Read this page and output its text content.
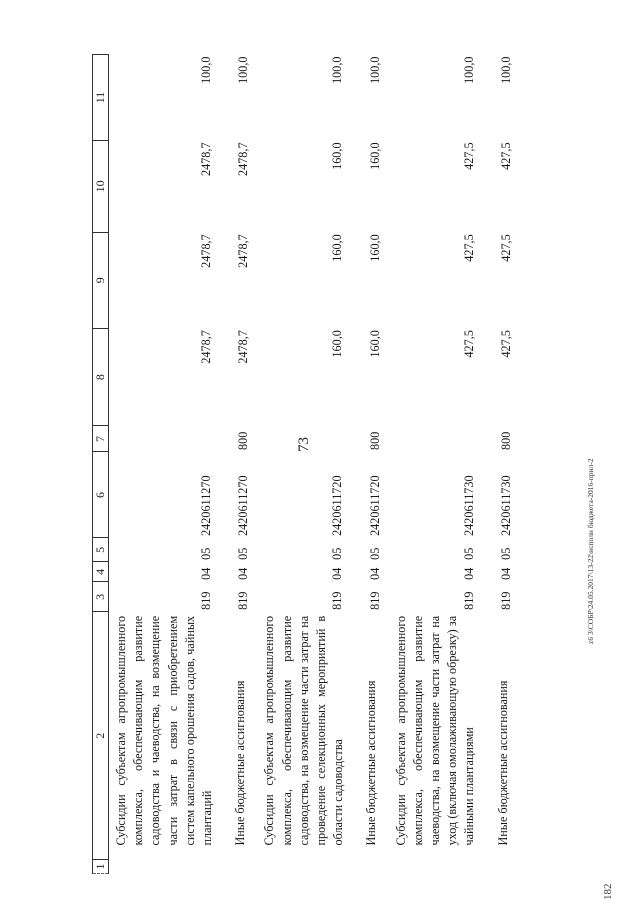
73
1	2	3	4	5	6	7	8	9	10	11
	Субсидии субъектам агропромышленного комплекса, обеспечивающим развитие садоводства и чаеводства, на возмещение части затрат в связи с приобретением систем капельного орошения садов, чайных плантаций	819	04	05	2420611270		2478,7	2478,7	2478,7	100,0
	Иные бюджетные ассигнования	819	04	05	2420611270	800	2478,7	2478,7	2478,7	100,0
	Субсидии субъектам агропромышленного комплекса, обеспечивающим развитие садоводства, на возмещение части затрат на проведение селекционных мероприятий в области садоводства	819	04	05	2420611720		160,0	160,0	160,0	100,0
	Иные бюджетные ассигнования	819	04	05	2420611720	800	160,0	160,0	160,0	100,0
	Субсидии субъектам агропромышленного комплекса, обеспечивающим развитие чаеводства, на возмещение части затрат на уход (включая омолаживающую обрезку) за чайными плантациями	819	04	05	2420611730		427,5	427,5	427,5	100,0
	Иные бюджетные ассигнования	819	04	05	2420611730	800	427,5	427,5	427,5	100,0
z6 3\СОБР\24.05.2017\13-22\исполн бюджета-2016-прил-2
182
